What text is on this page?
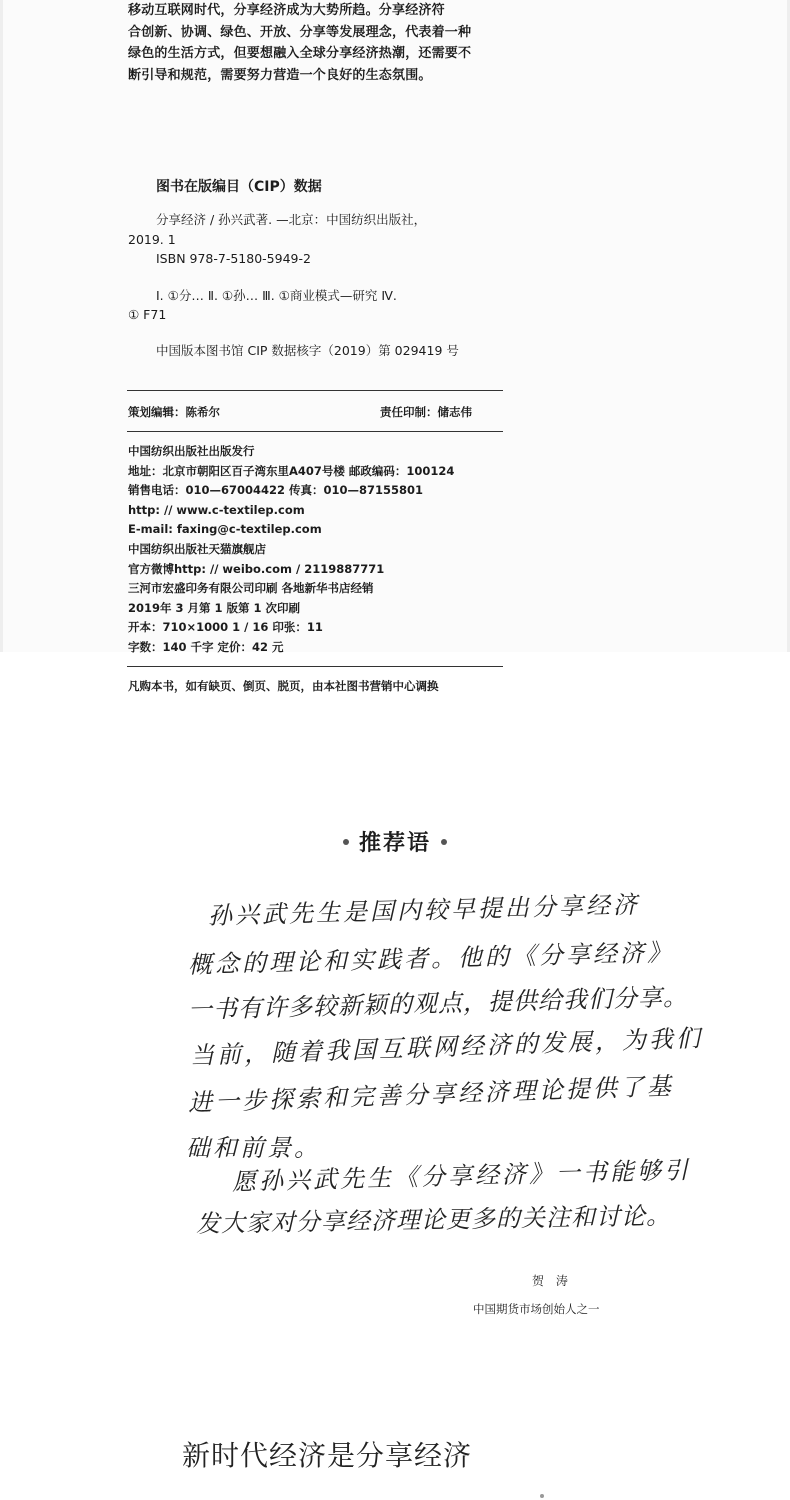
移动互联网时代，分享经济成为大势所趋。分享经济符

合创新、协调、绿色、开放、分享等发展理念，代表着一种

绿色的生活方式，但要想融入全球分享经济热潮，还需要不

断引导和规范，需要努力营造一个良好的生态氛围。

图书在版编目（CIP）数据
分享经济 / 孙兴武著. —北京：中国纺织出版社，
2019. 1
ISBN 978-7-5180-5949-2
Ⅰ. ①分… Ⅱ. ①孙… Ⅲ. ①商业模式—研究 Ⅳ.
① F71
中国版本图书馆 CIP 数据核字（2019）第 029419 号
策划编辑：陈希尔	责任印制：储志伟
中国纺织出版社出版发行
地址：北京市朝阳区百子湾东里A407号楼 邮政编码：100124
销售电话：010—67004422 传真：010—87155801
http: // www.c-textilep.com
E-mail: faxing@c-textilep.com
中国纺织出版社天猫旗舰店
官方微博http: // weibo.com / 2119887771
三河市宏盛印务有限公司印刷 各地新华书店经销
2019年 3 月第 1 版第 1 次印刷
开本：710×1000 1 / 16 印张：11
字数：140 千字 定价：42 元
凡购本书，如有缺页、倒页、脱页，由本社图书营销中心调换
推荐语
孙兴武先生是国内较早提出分享经济
概念的理论和实践者。他的《分享经济》
一书有许多较新颖的观点，提供给我们分享。
当前，随着我国互联网经济的发展，为我们
进一步探索和完善分享经济理论提供了基
础和前景。
愿孙兴武先生《分享经济》一书能够引
发大家对分享经济理论更多的关注和讨论。
贺 涛
中国期货市场创始人之一
新时代经济是分享经济
